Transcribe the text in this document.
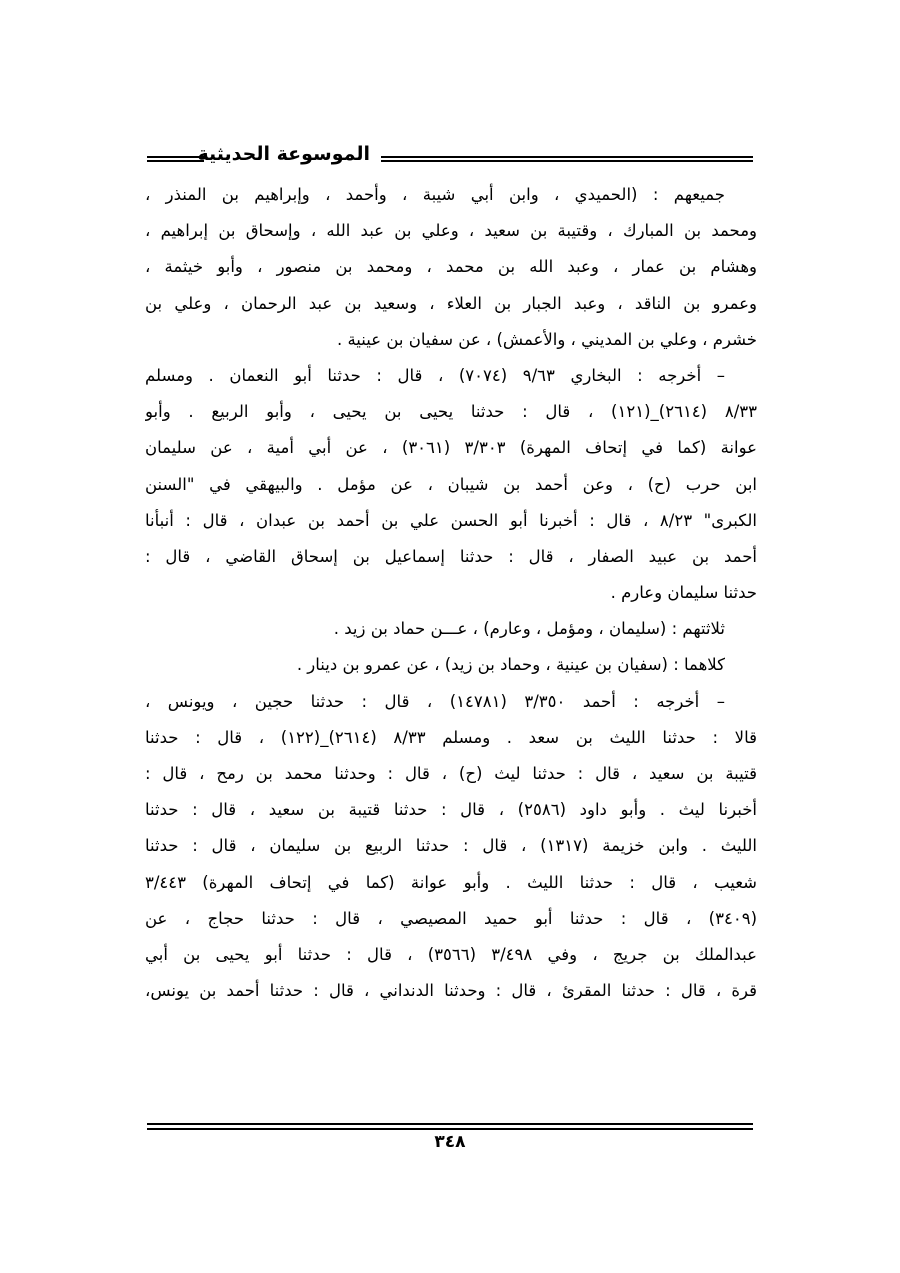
الموسوعة الحديثية
جميعهم : (الحميدي ، وابن أبي شيبة ، وأحمد ، وإبراهيم بن المنذر ،
ومحمد بن المبارك ، وقتيبة بن سعيد ، وعلي بن عبد الله ، وإسحاق بن إبراهيم ،
وهشام بن عمار ، وعبد الله بن محمد ، ومحمد بن منصور ، وأبو خيثمة ،
وعمرو بن الناقد ، وعبد الجبار بن العلاء ، وسعيد بن عبد الرحمان ، وعلي بن
خشرم ، وعلي بن المديني ، والأعمش) ، عن سفيان بن عينية .
– أخرجه : البخاري ٩/٦٣ (٧٠٧٤) ، قال : حدثنا أبو النعمان . ومسلم
٨/٣٣ (٢٦١٤)_(١٢١) ، قال : حدثنا يحيى بن يحيى ، وأبو الربيع . وأبو
عوانة (كما في إتحاف المهرة) ٣/٣٠٣ (٣٠٦١) ، عن أبي أمية ، عن سليمان
ابن حرب (ح) ، وعن أحمد بن شيبان ، عن مؤمل . والبيهقي في "السنن
الكبرى" ٨/٢٣ ، قال : أخبرنا أبو الحسن علي بن أحمد بن عبدان ، قال : أنبأنا
أحمد بن عبيد الصفار ، قال : حدثنا إسماعيل بن إسحاق القاضي ، قال :
حدثنا سليمان وعارم .
ثلاثتهم : (سليمان ، ومؤمل ، وعارم) ، عـــن حماد بن زيد .
كلاهما : (سفيان بن عينية ، وحماد بن زيد) ، عن عمرو بن دينار .
– أخرجه : أحمد ٣/٣٥٠ (١٤٧٨١) ، قال : حدثنا حجين ، ويونس ،
قالا : حدثنا الليث بن سعد . ومسلم ٨/٣٣ (٢٦١٤)_(١٢٢) ، قال : حدثنا
قتيبة بن سعيد ، قال : حدثنا ليث (ح) ، قال : وحدثنا محمد بن رمح ، قال :
أخبرنا ليث . وأبو داود (٢٥٨٦) ، قال : حدثنا قتيبة بن سعيد ، قال : حدثنا
الليث . وابن خزيمة (١٣١٧) ، قال : حدثنا الربيع بن سليمان ، قال : حدثنا
شعيب ، قال : حدثنا الليث . وأبو عوانة (كما في إتحاف المهرة) ٣/٤٤٣
(٣٤٠٩) ، قال : حدثنا أبو حميد المصيصي ، قال : حدثنا حجاج ، عن
عبدالملك بن جريج ، وفي ٣/٤٩٨ (٣٥٦٦) ، قال : حدثنا أبو يحيى بن أبي
قرة ، قال : حدثنا المقرئ ، قال : وحدثنا الدنداني ، قال : حدثنا أحمد بن يونس،
٣٤٨
